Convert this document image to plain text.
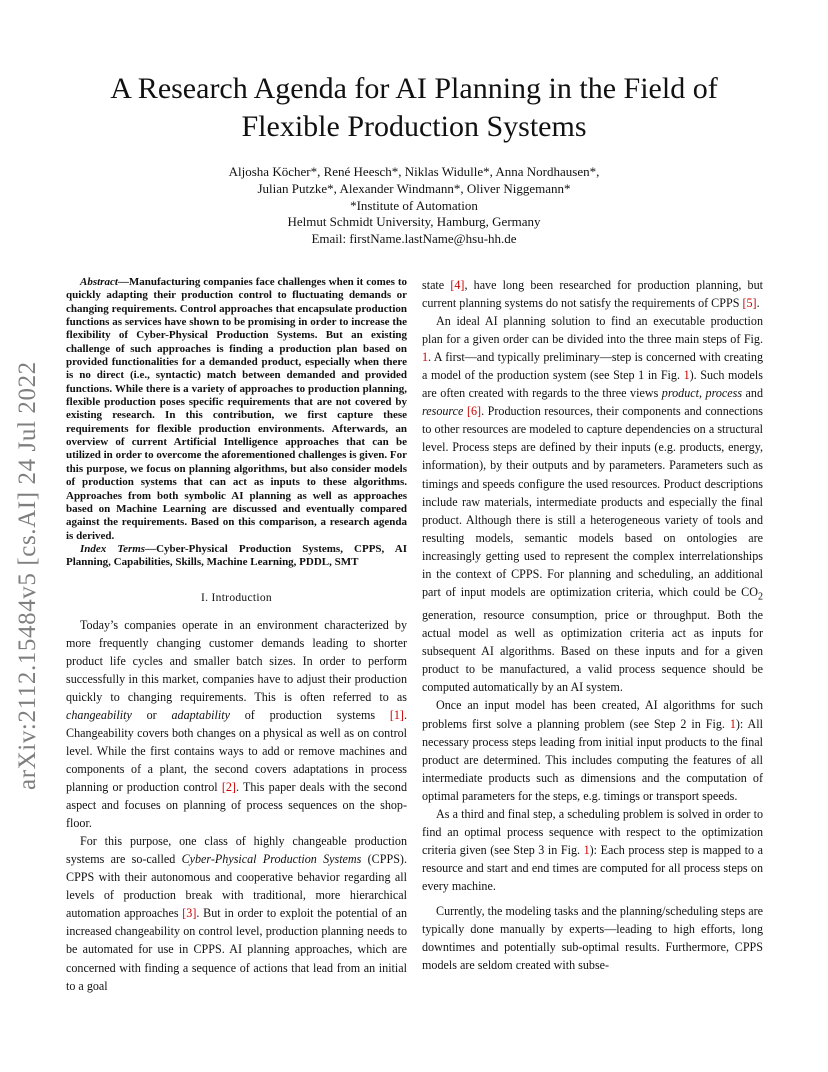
A Research Agenda for AI Planning in the Field of
Flexible Production Systems
Aljosha Köcher*, René Heesch*, Niklas Widulle*, Anna Nordhausen*,
Julian Putzke*, Alexander Windmann*, Oliver Niggemann*
*Institute of Automation
Helmut Schmidt University, Hamburg, Germany
Email: firstName.lastName@hsu-hh.de
arXiv:2112.15484v5 [cs.AI] 24 Jul 2022

Abstract—Manufacturing companies face challenges when it comes to quickly adapting their production control to fluctuating demands or changing requirements. Control approaches that encapsulate production functions as services have shown to be promising in order to increase the flexibility of Cyber-Physical Production Systems. But an existing challenge of such approaches is finding a production plan based on provided functionalities for a demanded product, especially when there is no direct (i.e., syntactic) match between demanded and provided functions. While there is a variety of approaches to production planning, flexible production poses specific requirements that are not covered by existing research. In this contribution, we first capture these requirements for flexible production environments. Afterwards, an overview of current Artificial Intelligence approaches that can be utilized in order to overcome the aforementioned challenges is given. For this purpose, we focus on planning algorithms, but also consider models of production systems that can act as inputs to these algorithms. Approaches from both symbolic AI planning as well as approaches based on Machine Learning are discussed and eventually compared against the requirements. Based on this comparison, a research agenda is derived.

Index Terms—Cyber-Physical Production Systems, CPPS, AI Planning, Capabilities, Skills, Machine Learning, PDDL, SMT

I. Introduction

Today’s companies operate in an environment characterized by more frequently changing customer demands leading to shorter product life cycles and smaller batch sizes. In order to perform successfully in this market, companies have to adjust their production quickly to changing requirements. This is often referred to as changeability or adaptability of production systems [1]. Changeability covers both changes on a physical as well as on control level. While the first contains ways to add or remove machines and components of a plant, the second covers adaptations in process planning or production control [2]. This paper deals with the second aspect and focuses on planning of process sequences on the shop-floor.

For this purpose, one class of highly changeable production systems are so-called Cyber-Physical Production Systems (CPPS). CPPS with their autonomous and cooperative behavior regarding all levels of production break with traditional, more hierarchical automation approaches [3]. But in order to exploit the potential of an increased changeability on control level, production planning needs to be automated for use in CPPS. AI planning approaches, which are concerned with finding a sequence of actions that lead from an initial to a goal

state [4], have long been researched for production planning, but current planning systems do not satisfy the requirements of CPPS [5].

An ideal AI planning solution to find an executable production plan for a given order can be divided into the three main steps of Fig. 1. A first—and typically preliminary—step is concerned with creating a model of the production system (see Step 1 in Fig. 1). Such models are often created with regards to the three views product, process and resource [6]. Production resources, their components and connections to other resources are modeled to capture dependencies on a structural level. Process steps are defined by their inputs (e.g. products, energy, information), by their outputs and by parameters. Parameters such as timings and speeds configure the used resources. Product descriptions include raw materials, intermediate products and especially the final product. Although there is still a heterogeneous variety of tools and resulting models, semantic models based on ontologies are increasingly getting used to represent the complex interrelationships in the context of CPPS. For planning and scheduling, an additional part of input models are optimization criteria, which could be $CO_2$ generation, resource consumption, price or throughput. Both the actual model as well as optimization criteria act as inputs for subsequent AI algorithms. Based on these inputs and for a given product to be manufactured, a valid process sequence should be computed automatically by an AI system.

Once an input model has been created, AI algorithms for such problems first solve a planning problem (see Step 2 in Fig. 1): All necessary process steps leading from initial input products to the final product are determined. This includes computing the features of all intermediate products such as dimensions and the computation of optimal parameters for the steps, e.g. timings or transport speeds.

As a third and final step, a scheduling problem is solved in order to find an optimal process sequence with respect to the optimization criteria given (see Step 3 in Fig. 1): Each process step is mapped to a resource and start and end times are computed for all process steps on every machine.

Currently, the modeling tasks and the planning/scheduling steps are typically done manually by experts—leading to high efforts, long downtimes and potentially sub-optimal results. Furthermore, CPPS models are seldom created with subse-
